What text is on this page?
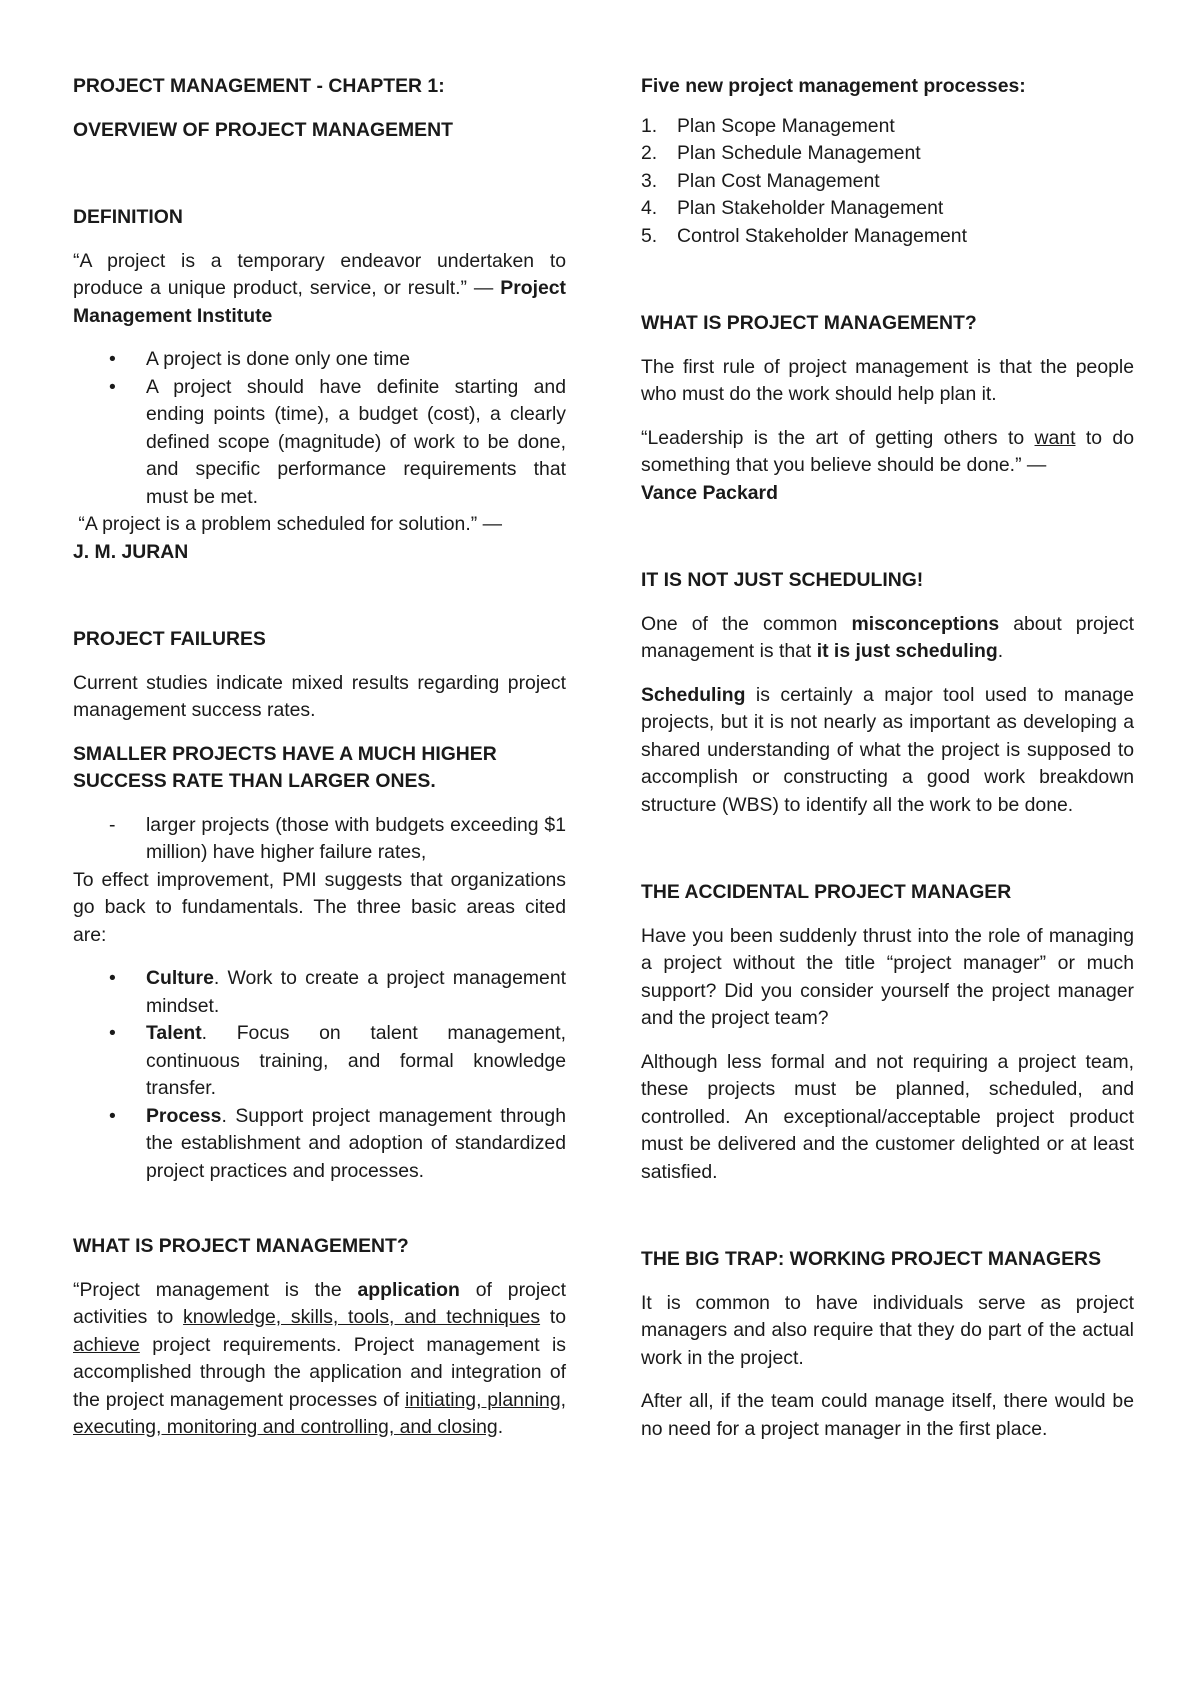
PROJECT MANAGEMENT - CHAPTER 1:

OVERVIEW OF PROJECT MANAGEMENT

DEFINITION

“A project is a temporary endeavor undertaken to produce a unique product, service, or result.” — Project Management Institute

• A project is done only one time
• A project should have definite starting and ending points (time), a budget (cost), a clearly defined scope (magnitude) of work to be done, and specific performance requirements that must be met.

“A project is a problem scheduled for solution.” —
J. M. JURAN

PROJECT FAILURES

Current studies indicate mixed results regarding project management success rates.

SMALLER PROJECTS HAVE A MUCH HIGHER SUCCESS RATE THAN LARGER ONES.

- larger projects (those with budgets exceeding $1 million) have higher failure rates,

To effect improvement, PMI suggests that organizations go back to fundamentals. The three basic areas cited are:

• Culture. Work to create a project management mindset.
• Talent. Focus on talent management, continuous training, and formal knowledge transfer.
• Process. Support project management through the establishment and adoption of standardized project practices and processes.

WHAT IS PROJECT MANAGEMENT?

“Project management is the application of project activities to knowledge, skills, tools, and techniques to achieve project requirements. Project management is accomplished through the application and integration of the project management processes of initiating, planning, executing, monitoring and controlling, and closing.

Five new project management processes:

1. Plan Scope Management
2. Plan Schedule Management
3. Plan Cost Management
4. Plan Stakeholder Management
5. Control Stakeholder Management

WHAT IS PROJECT MANAGEMENT?

The first rule of project management is that the people who must do the work should help plan it.

“Leadership is the art of getting others to want to do something that you believe should be done.” —
Vance Packard

IT IS NOT JUST SCHEDULING!

One of the common misconceptions about project management is that it is just scheduling.

Scheduling is certainly a major tool used to manage projects, but it is not nearly as important as developing a shared understanding of what the project is supposed to accomplish or constructing a good work breakdown structure (WBS) to identify all the work to be done.

THE ACCIDENTAL PROJECT MANAGER

Have you been suddenly thrust into the role of managing a project without the title “project manager” or much support? Did you consider yourself the project manager and the project team?

Although less formal and not requiring a project team, these projects must be planned, scheduled, and controlled. An exceptional/acceptable project product must be delivered and the customer delighted or at least satisfied.

THE BIG TRAP: WORKING PROJECT MANAGERS

It is common to have individuals serve as project managers and also require that they do part of the actual work in the project.

After all, if the team could manage itself, there would be no need for a project manager in the first place.
